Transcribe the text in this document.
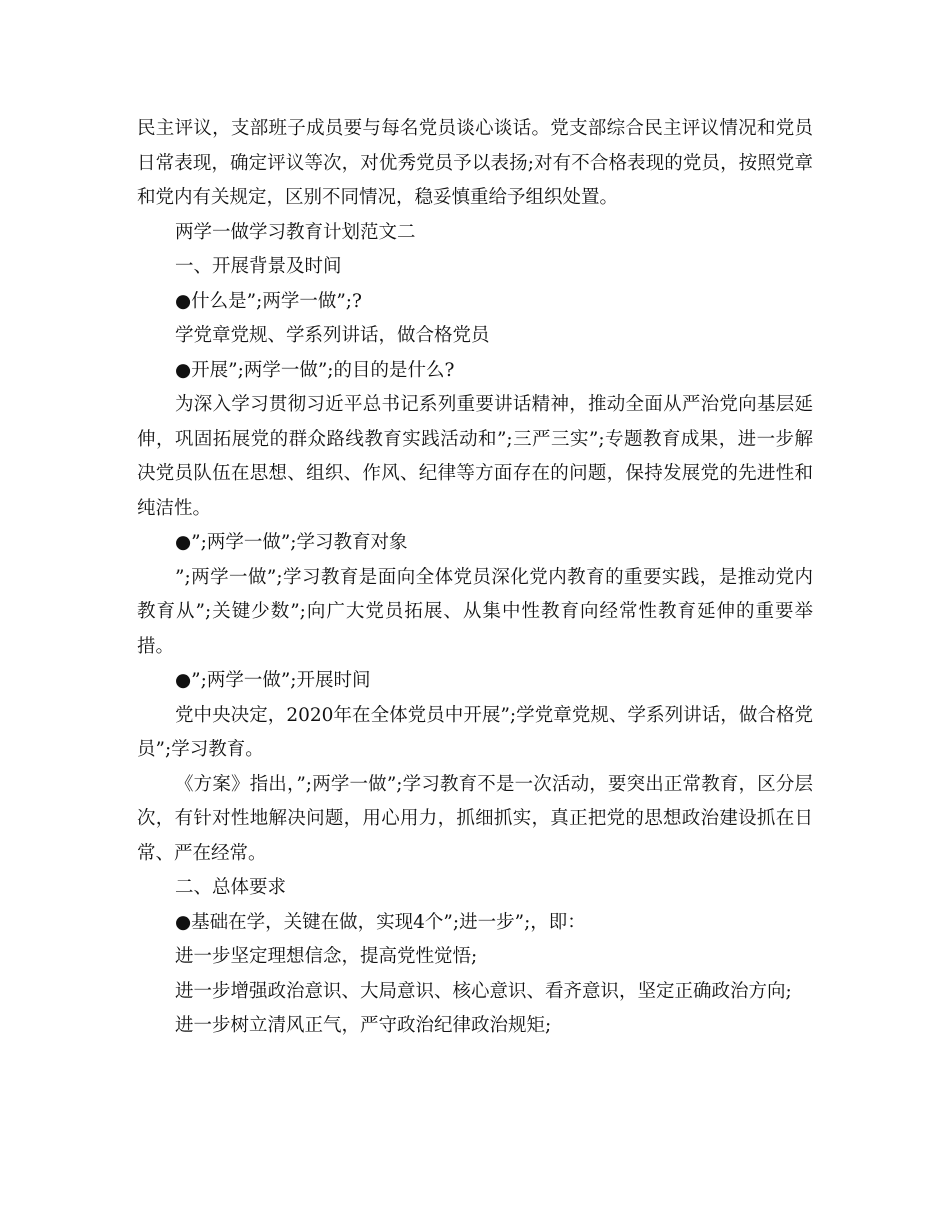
民主评议，支部班子成员要与每名党员谈心谈话。党支部综合民主评议情况和党员日常表现，确定评议等次，对优秀党员予以表扬;对有不合格表现的党员，按照党章和党内有关规定，区别不同情况，稳妥慎重给予组织处置。

两学一做学习教育计划范文二

一、开展背景及时间

●什么是”;两学一做”;?

学党章党规、学系列讲话，做合格党员

●开展”;两学一做”;的目的是什么?

为深入学习贯彻习近平总书记系列重要讲话精神，推动全面从严治党向基层延伸，巩固拓展党的群众路线教育实践活动和”;三严三实”;专题教育成果，进一步解决党员队伍在思想、组织、作风、纪律等方面存在的问题，保持发展党的先进性和纯洁性。

●”;两学一做”;学习教育对象

”;两学一做”;学习教育是面向全体党员深化党内教育的重要实践，是推动党内教育从”;关键少数”;向广大党员拓展、从集中性教育向经常性教育延伸的重要举措。

●”;两学一做”;开展时间

党中央决定，2020年在全体党员中开展”;学党章党规、学系列讲话，做合格党员”;学习教育。

《方案》指出，”;两学一做”;学习教育不是一次活动，要突出正常教育，区分层次，有针对性地解决问题，用心用力，抓细抓实，真正把党的思想政治建设抓在日常、严在经常。

二、总体要求

●基础在学，关键在做，实现4个”;进一步”;，即：

进一步坚定理想信念，提高党性觉悟;

进一步增强政治意识、大局意识、核心意识、看齐意识，坚定正确政治方向;

进一步树立清风正气，严守政治纪律政治规矩;
